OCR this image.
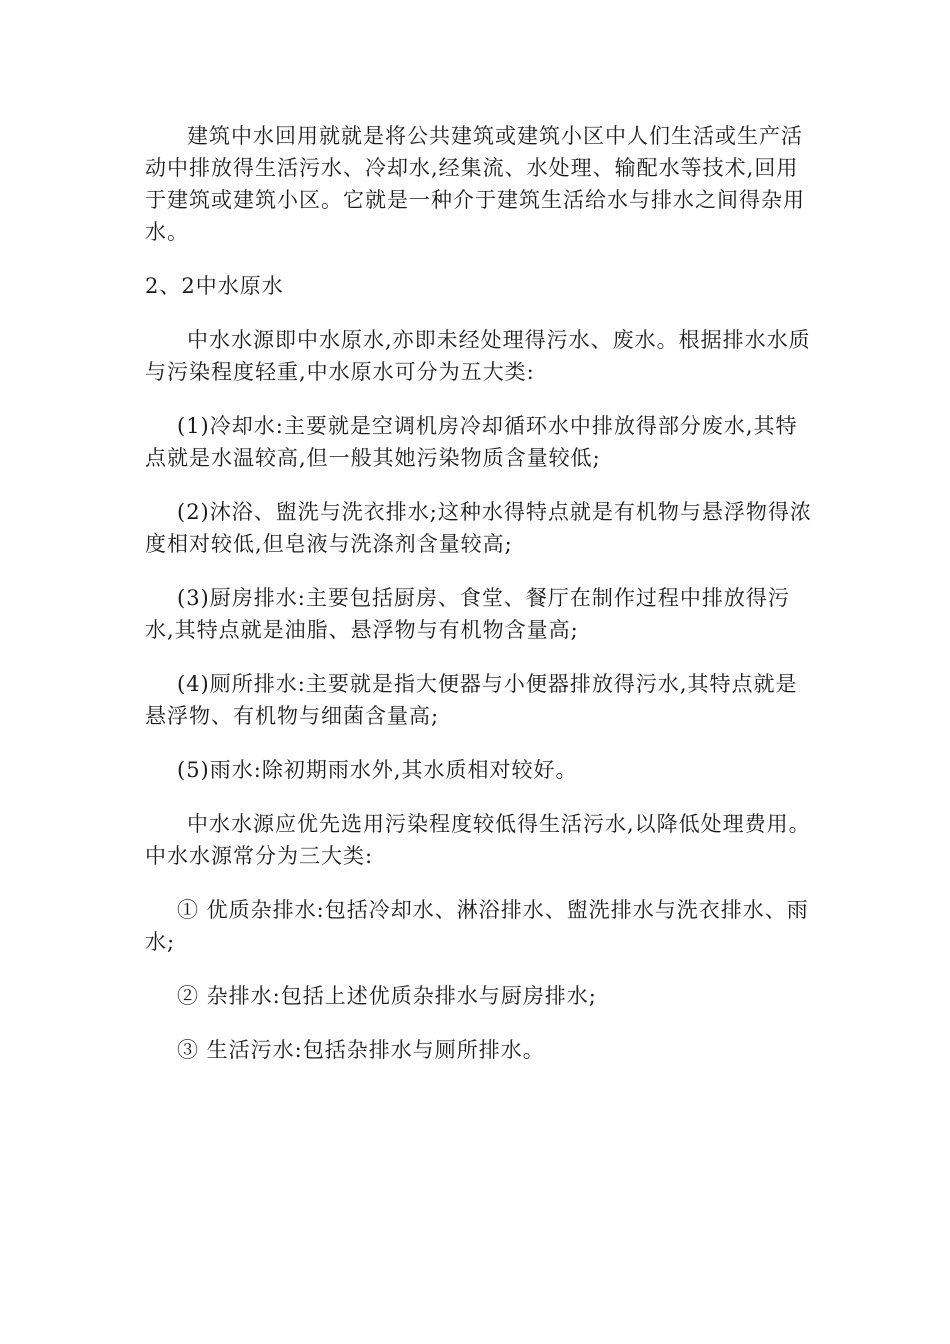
建筑中水回用就就是将公共建筑或建筑小区中人们生活或生产活动中排放得生活污水、冷却水,经集流、水处理、输配水等技术,回用于建筑或建筑小区。它就是一种介于建筑生活给水与排水之间得杂用水。

2、2中水原水

中水水源即中水原水,亦即未经处理得污水、废水。根据排水水质与污染程度轻重,中水原水可分为五大类:

(1)冷却水:主要就是空调机房冷却循环水中排放得部分废水,其特点就是水温较高,但一般其她污染物质含量较低;

(2)沐浴、盥洗与洗衣排水;这种水得特点就是有机物与悬浮物得浓度相对较低,但皂液与洗涤剂含量较高;

(3)厨房排水:主要包括厨房、食堂、餐厅在制作过程中排放得污水,其特点就是油脂、悬浮物与有机物含量高;

(4)厕所排水:主要就是指大便器与小便器排放得污水,其特点就是悬浮物、有机物与细菌含量高;

(5)雨水:除初期雨水外,其水质相对较好。

中水水源应优先选用污染程度较低得生活污水,以降低处理费用。中水水源常分为三大类:

① 优质杂排水:包括冷却水、淋浴排水、盥洗排水与洗衣排水、雨水;

② 杂排水:包括上述优质杂排水与厨房排水;

③ 生活污水:包括杂排水与厕所排水。
